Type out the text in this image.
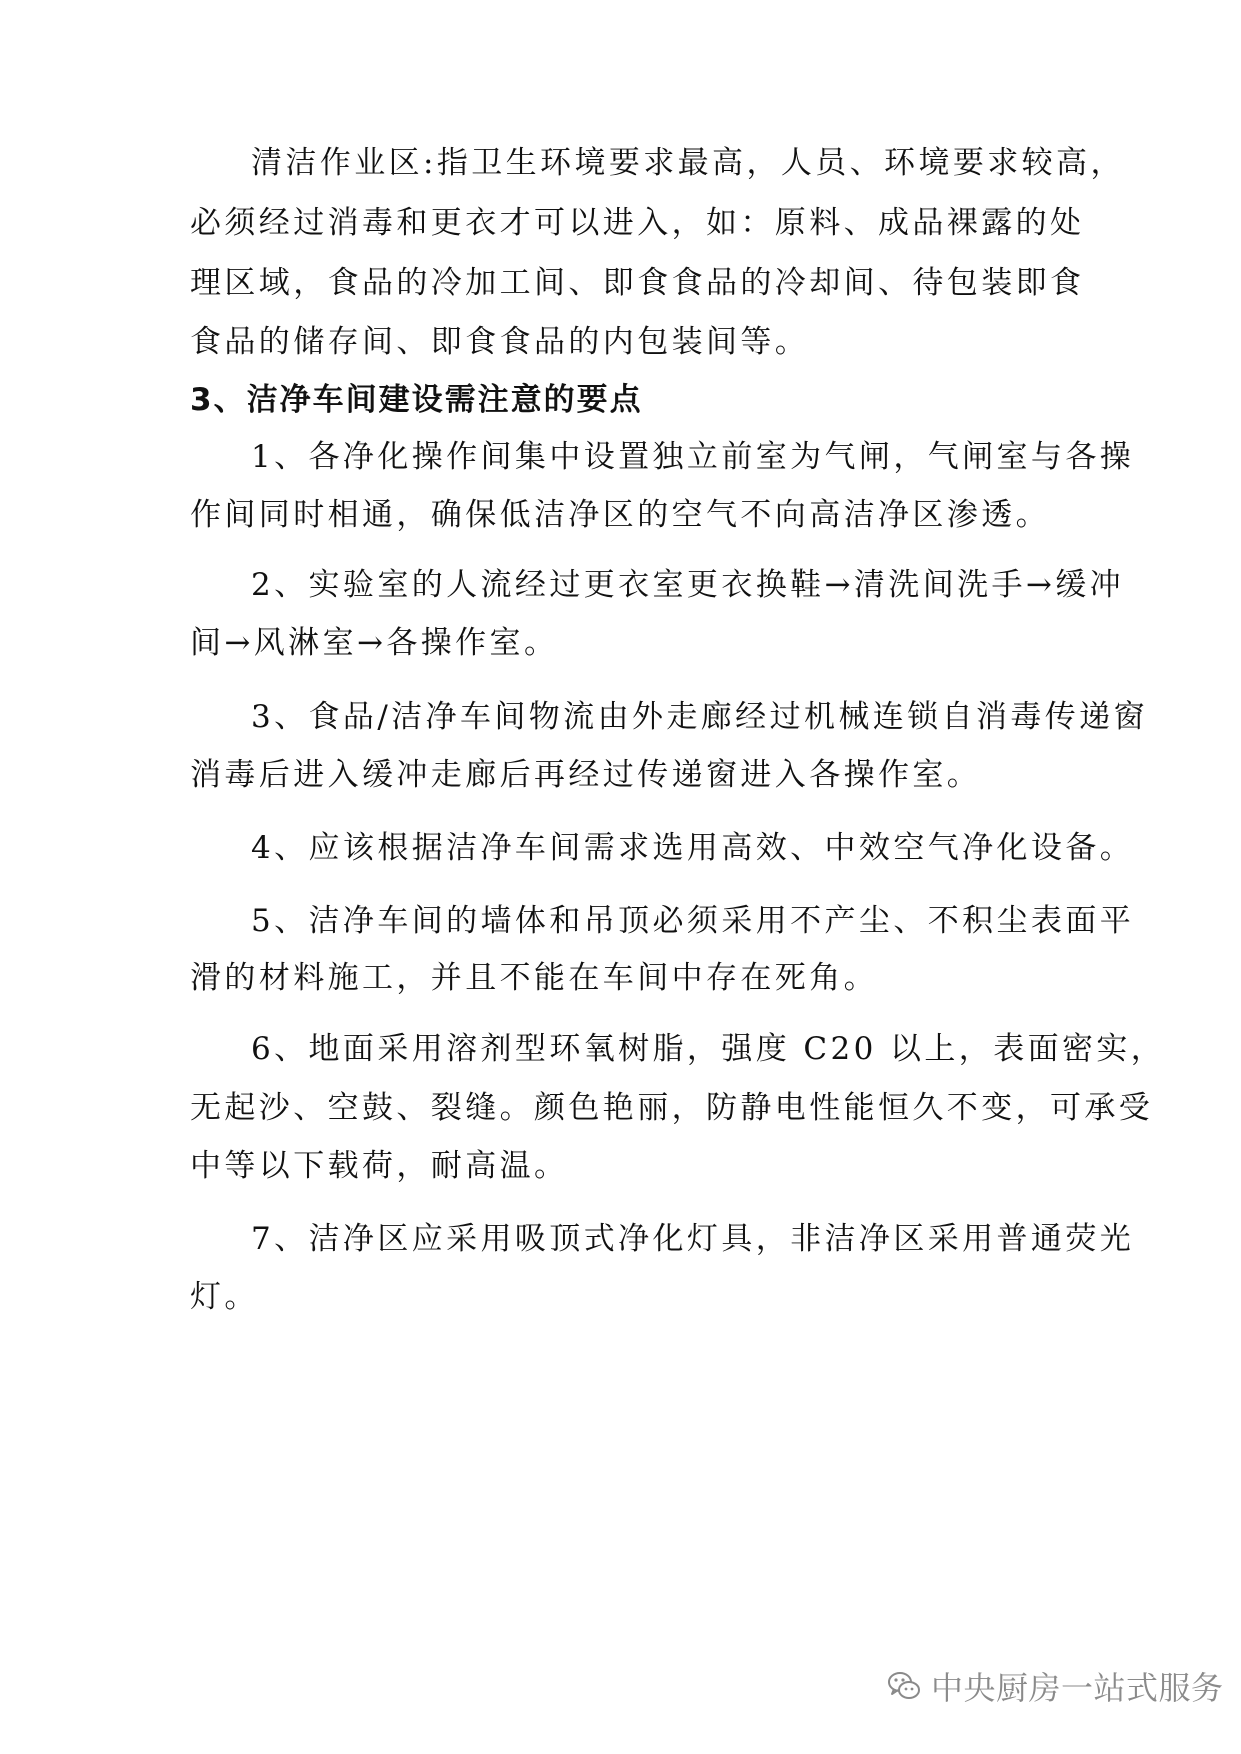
清洁作业区:指卫生环境要求最高，人员、环境要求较高，
必须经过消毒和更衣才可以进入，如：原料、成品裸露的处
理区域，食品的冷加工间、即食食品的冷却间、待包装即食
食品的储存间、即食食品的内包装间等。
3、洁净车间建设需注意的要点
1、各净化操作间集中设置独立前室为气闸，气闸室与各操
作间同时相通，确保低洁净区的空气不向高洁净区渗透。
2、实验室的人流经过更衣室更衣换鞋→清洗间洗手→缓冲
间→风淋室→各操作室。
3、食品/洁净车间物流由外走廊经过机械连锁自消毒传递窗
消毒后进入缓冲走廊后再经过传递窗进入各操作室。
4、应该根据洁净车间需求选用高效、中效空气净化设备。
5、洁净车间的墙体和吊顶必须采用不产尘、不积尘表面平
滑的材料施工，并且不能在车间中存在死角。
6、地面采用溶剂型环氧树脂，强度 C20 以上，表面密实，
无起沙、空鼓、裂缝。颜色艳丽，防静电性能恒久不变，可承受
中等以下载荷，耐高温。
7、洁净区应采用吸顶式净化灯具，非洁净区采用普通荧光
灯。
中央厨房一站式服务
